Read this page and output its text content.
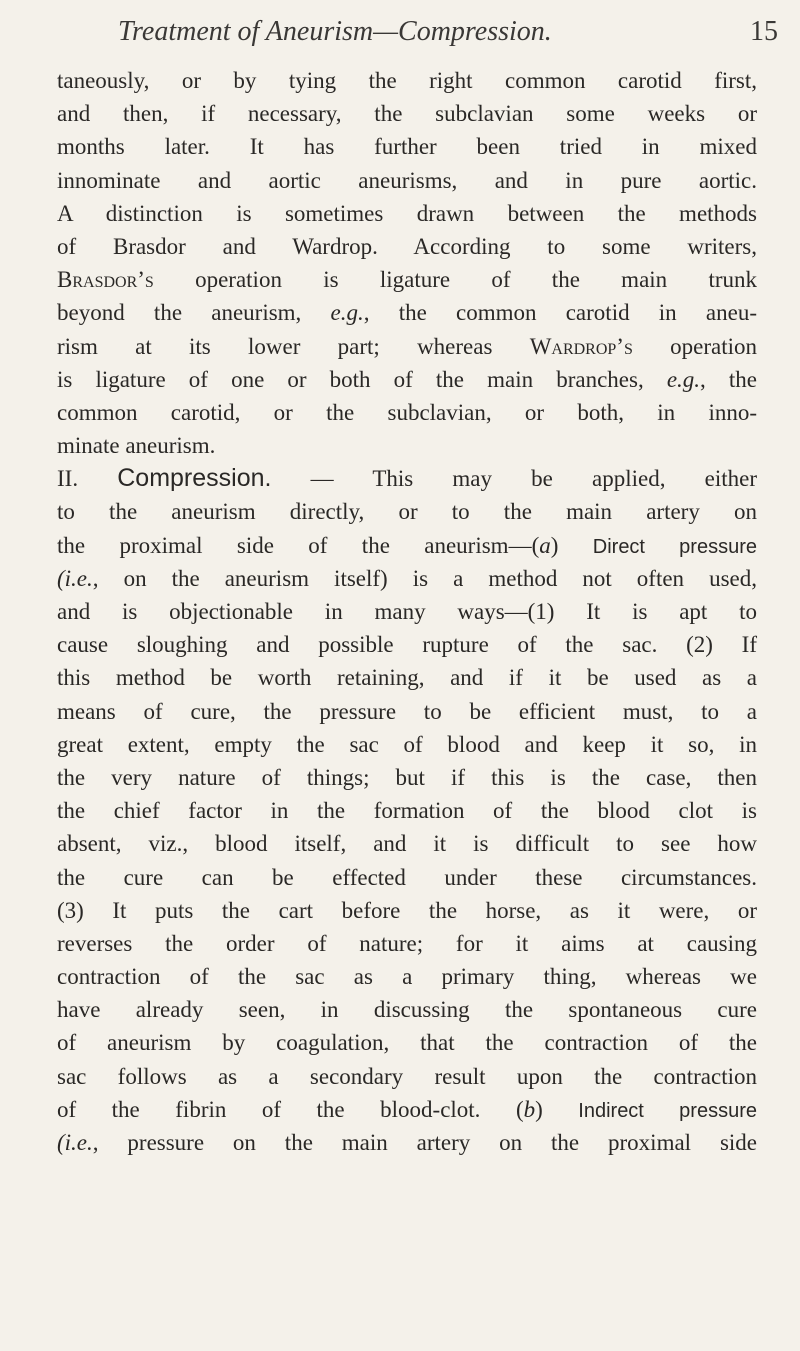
Treatment of Aneurism—Compression.	15
taneously, or by tying the right common carotid first,
and then, if necessary, the subclavian some weeks or
months later. It has further been tried in mixed
innominate and aortic aneurisms, and in pure aortic.
A distinction is sometimes drawn between the methods
of Brasdor and Wardrop. According to some writers,
Brasdor’s operation is ligature of the main trunk
beyond the aneurism, e.g., the common carotid in aneu-
rism at its lower part; whereas Wardrop’s operation
is ligature of one or both of the main branches, e.g., the
common carotid, or the subclavian, or both, in inno-
minate aneurism.
II. Compression. — This may be applied, either
to the aneurism directly, or to the main artery on
the proximal side of the aneurism—(a) Direct pressure
(i.e., on the aneurism itself) is a method not often used,
and is objectionable in many ways—(1) It is apt to
cause sloughing and possible rupture of the sac. (2) If
this method be worth retaining, and if it be used as a
means of cure, the pressure to be efficient must, to a
great extent, empty the sac of blood and keep it so, in
the very nature of things; but if this is the case, then
the chief factor in the formation of the blood clot is
absent, viz., blood itself, and it is difficult to see how
the cure can be effected under these circumstances.
(3) It puts the cart before the horse, as it were, or
reverses the order of nature; for it aims at causing
contraction of the sac as a primary thing, whereas we
have already seen, in discussing the spontaneous cure
of aneurism by coagulation, that the contraction of the
sac follows as a secondary result upon the contraction
of the fibrin of the blood-clot. (b) Indirect pressure
(i.e., pressure on the main artery on the proximal side
